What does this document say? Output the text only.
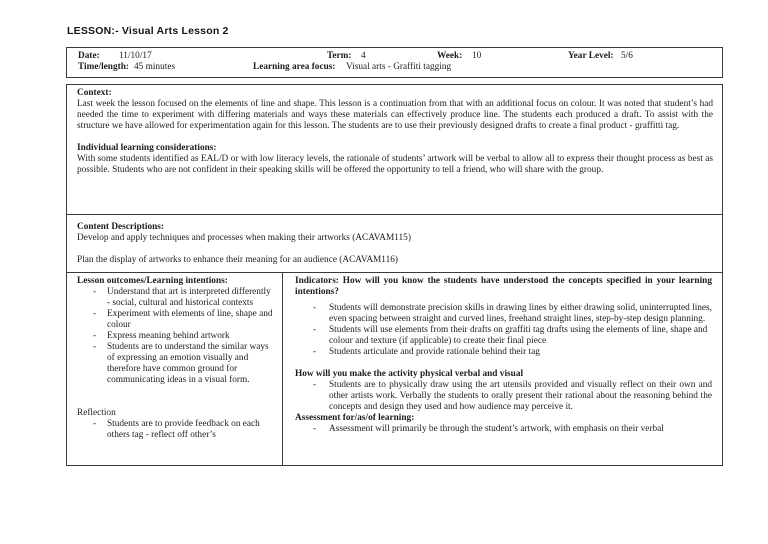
LESSON:- Visual Arts Lesson 2
Date: 11/10/17	Term: 4	Week: 10	Year Level: 5/6
Time/length: 45 minutes	Learning area focus: Visual arts - Graffiti tagging

Context:

Last week the lesson focused on the elements of line and shape. This lesson is a continuation from that with an additional focus on colour. It was noted that student’s had needed the time to experiment with differing materials and ways these materials can effectively produce line. The students each produced a draft. To assist with the structure we have allowed for experimentation again for this lesson. The students are to use their previously designed drafts to create a final product - graffitti tag.

Individual learning considerations:

With some students identified as EAL/D or with low literacy levels, the rationale of students’ artwork will be verbal to allow all to express their thought process as best as possible. Students who are not confident in their speaking skills will be offered the opportunity to tell a friend, who will share with the group.

Content Descriptions:

Develop and apply techniques and processes when making their artworks (ACAVAM115)

Plan the display of artworks to enhance their meaning for an audience (ACAVAM116)

Lesson outcomes/Learning intentions:

- Understand that art is interpreted differently - social, cultural and historical contexts
- Experiment with elements of line, shape and colour
- Express meaning behind artwork
- Students are to understand the similar ways of expressing an emotion visually and therefore have common ground for communicating ideas in a visual form.

Reflection

- Students are to provide feedback on each others tag - reflect off other’s

Indicators: How will you know the students have understood the concepts specified in your learning intentions?

- Students will demonstrate precision skills in drawing lines by either drawing solid, uninterrupted lines, even spacing between straight and curved lines, freehand straight lines, step-by-step design planning.
- Students will use elements from their drafts on graffiti tag drafts using the elements of line, shape and colour and texture (if applicable) to create their final piece
- Students articulate and provide rationale behind their tag

How will you make the activity physical verbal and visual

- Students are to physically draw using the art utensils provided and visually reflect on their own and other artists work. Verbally the students to orally present their rational about the reasoning behind the concepts and design they used and how audience may perceive it.

Assessment for/as/of learning:

- Assessment will primarily be through the student’s artwork, with emphasis on their verbal
